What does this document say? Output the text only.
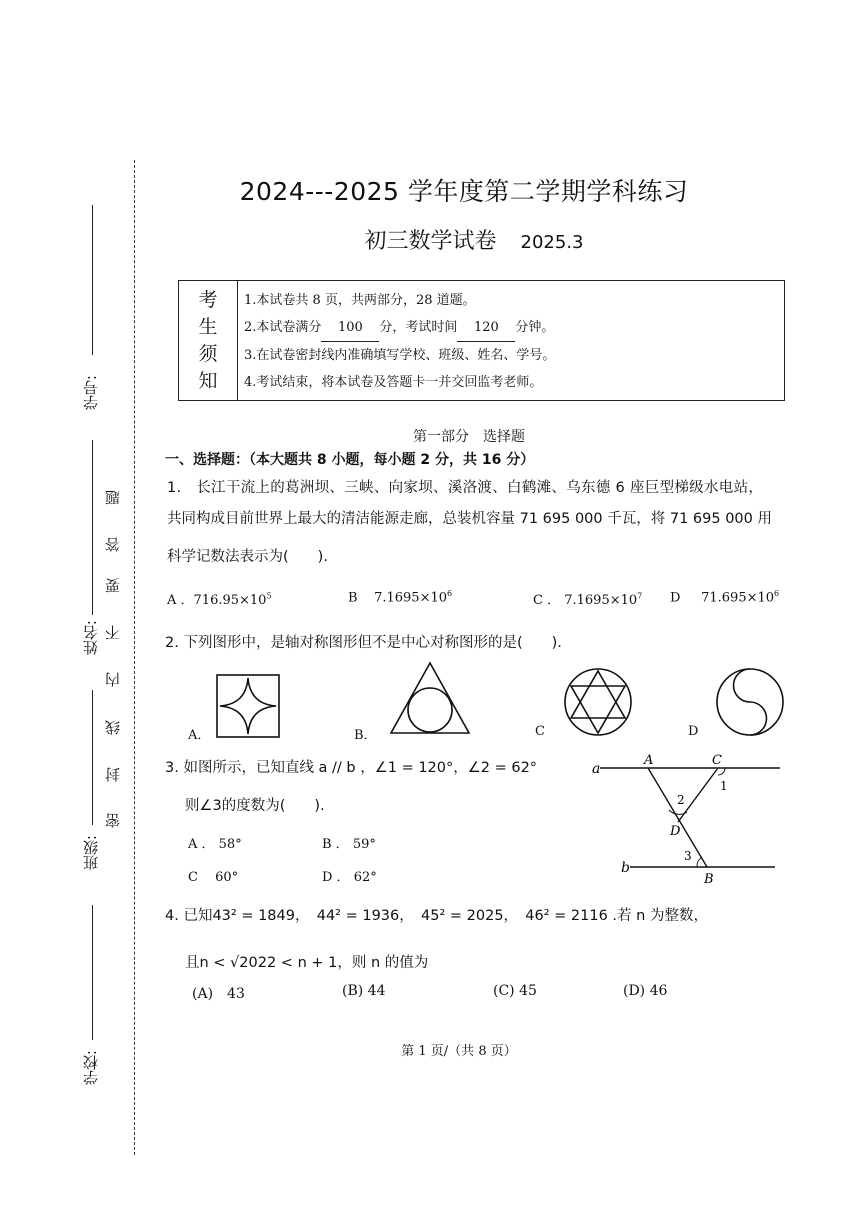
学号:
姓名:
班级:
学校:
题
答
要
不
内
线
封
密
2024---2025 学年度第二学期学科练习
初三数学试卷 2025.3
考
生
须
知
1.本试卷共 8 页，共两部分，28 道题。
2.本试卷满分 100 分，考试时间 120 分钟。
3.在试卷密封线内准确填写学校、班级、姓名、学号。
4.考试结束，将本试卷及答题卡一并交回监考老师。
第一部分　选择题
一、选择题：（本大题共 8 小题，每小题 2 分，共 16 分）
1.　长江干流上的葛洲坝、三峡、向家坝、溪洛渡、白鹤滩、乌东德 6 座巨型梯级水电站，
共同构成目前世界上最大的清洁能源走廊，总装机容量 71 695 000 千瓦，将 71 695 000 用
科学记数法表示为(　　).
A ．$716.95\times 10^5$	B $7.1695\times 10^6$	C ． $7.1695\times 10^7$ D $71.695\times 10^6$
2. 下列图形中，是轴对称图形但不是中心对称图形的是(　　).
A．	B．	C	D
3. 如图所示，已知直线 a // b ，∠1 = 120°，∠2 = 62°
则∠3的度数为(　　).
A ． 58°	B ． 59°
C　 60°	D ． 62°
a
b
A	C
D
B
1
2
3
4. 已知43² = 1849，　44² = 1936，　45² = 2025，　46² = 2116 .若 n 为整数，
且n < √2022 < n + 1，则 n 的值为
(A)　43	(B) 44	(C) 45	(D) 46
第 1 页/（共 8 页）
